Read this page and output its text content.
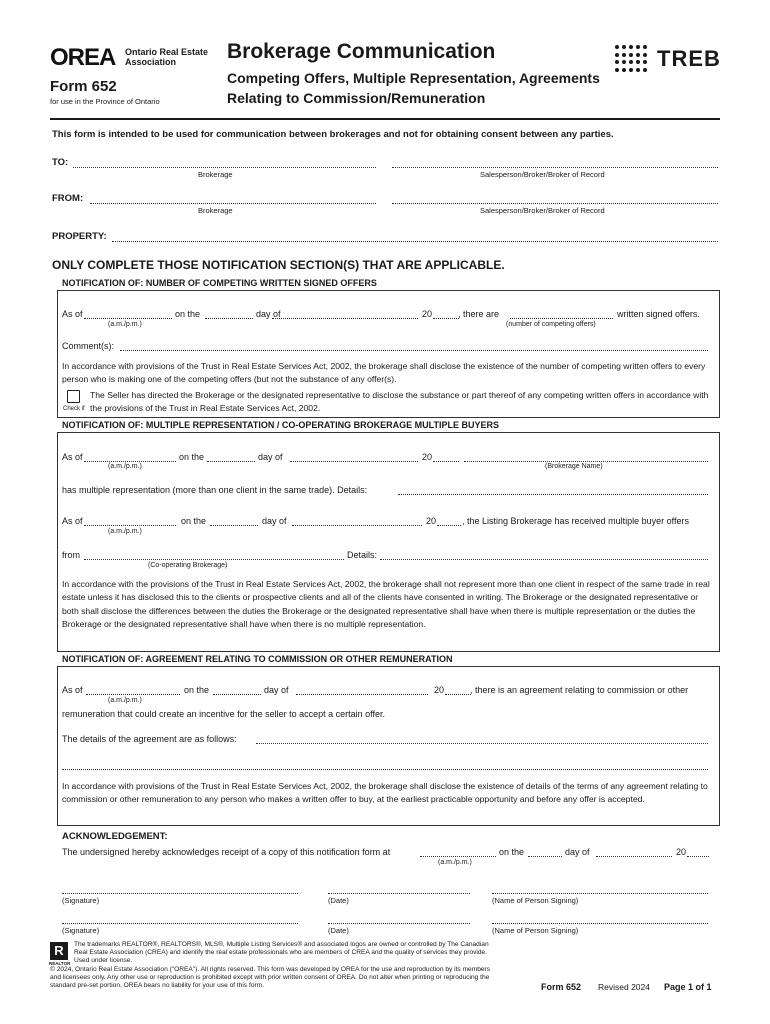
OREA Ontario Real Estate Association
Form 652
for use in the Province of Ontario
Brokerage Communication
Competing Offers, Multiple Representation, Agreements Relating to Commission/Remuneration
TREB
This form is intended to be used for communication between brokerages and not for obtaining consent between any parties.
TO:
Brokerage	Salesperson/Broker/Broker of Record
FROM:
Brokerage	Salesperson/Broker/Broker of Record
PROPERTY:
ONLY COMPLETE THOSE NOTIFICATION SECTION(S) THAT ARE APPLICABLE.
NOTIFICATION OF: NUMBER OF COMPETING WRITTEN SIGNED OFFERS
As of	on the	day of	20	, there are	written signed offers.
(a.m./p.m.)	(number of competing offers)
Comment(s):
In accordance with provisions of the Trust in Real Estate Services Act, 2002, the brokerage shall disclose the existence of the number of competing written offers to every person who is making one of the competing offers (but not the substance of any offer(s).
Check if
The Seller has directed the Brokerage or the designated representative to disclose the substance or part thereof of any competing written offers in accordance with the provisions of the Trust in Real Estate Services Act, 2002.
NOTIFICATION OF: MULTIPLE REPRESENTATION / CO-OPERATING BROKERAGE MULTIPLE BUYERS
As of	on the	day of	20
(a.m./p.m.)	(Brokerage Name)
has multiple representation (more than one client in the same trade). Details:
As of	on the	day of	20	, the Listing Brokerage has received multiple buyer offers
(a.m./p.m.)
from	Details:
(Co-operating Brokerage)
In accordance with the provisions of the Trust in Real Estate Services Act, 2002, the brokerage shall not represent more than one client in respect of the same trade in real estate unless it has disclosed this to the clients or prospective clients and all of the clients have consented in writing. The Brokerage or the designated representative or both shall disclose the differences between the duties the Brokerage or the designated representative shall have when there is multiple representation or the duties the Brokerage or the designated representative shall have when there is no multiple representation.
NOTIFICATION OF: AGREEMENT RELATING TO COMMISSION OR OTHER REMUNERATION
As of	on the	day of	20	, there is an agreement relating to commission or other
(a.m./p.m.)
remuneration that could create an incentive for the seller to accept a certain offer.
The details of the agreement are as follows:
In accordance with provisions of the Trust in Real Estate Services Act, 2002, the brokerage shall disclose the existence of details of the terms of any agreement relating to commission or other remuneration to any person who makes a written offer to buy, at the earliest practicable opportunity and before any offer is accepted.
ACKNOWLEDGEMENT:
The undersigned hereby acknowledges receipt of a copy of this notification form at	on the	day of	20
(a.m./p.m.)
(Signature)	(Date)	(Name of Person Signing)
(Signature)	(Date)	(Name of Person Signing)
R
REALTOR
The trademarks REALTOR®, REALTORS®, MLS®, Multiple Listing Services® and associated logos are owned or controlled by The Canadian Real Estate Association (CREA) and identify the real estate professionals who are members of CREA and the quality of services they provide. Used under license.
© 2024, Ontario Real Estate Association ("OREA"). All rights reserved. This form was developed by OREA for the use and reproduction by its members and licensees only. Any other use or reproduction is prohibited except with prior written consent of OREA. Do not alter when printing or reproducing the standard pre-set portion. OREA bears no liability for your use of this form.	Form 652 Revised 2024 Page 1 of 1
